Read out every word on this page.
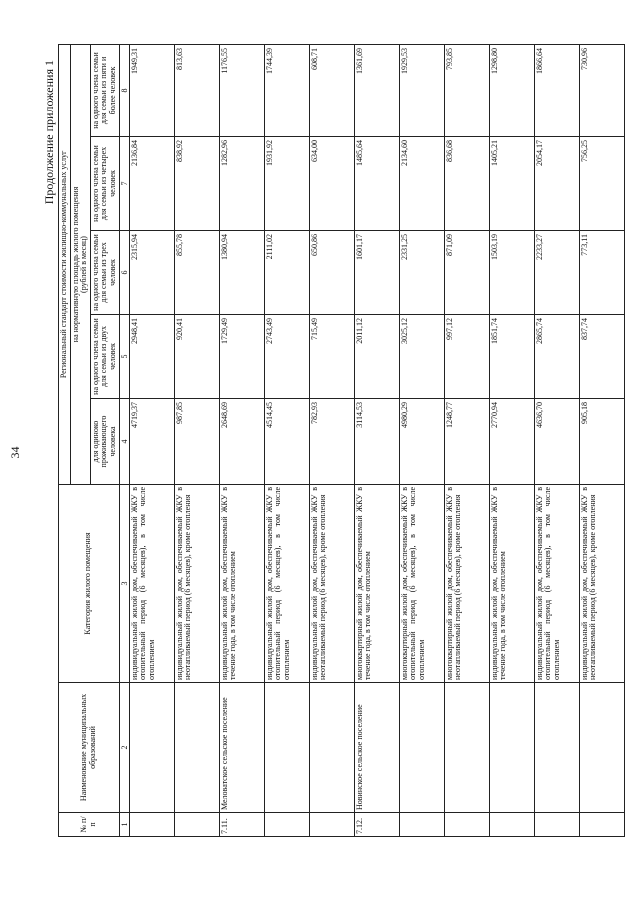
34
Продолжение приложения 1
№ п/п	Наименование муниципальных образований	Категория жилого помещения	Региональный стандарт стоимости жилищно-коммунальных услуг				
			на нормативную площадь жилого помещения
(рублей в месяц)				
			для одиноко проживающего человека	на одного члена семьи для семьи из двух человек	на одного члена семьи для семьи из трех человек	на одного члена семьи для семьи из четырех человек	на одного члена семьи для семьи из пяти и более человек
1	2	3	4	5	6	7	8
		индивидуальный жилой дом, обеспечиваемый ЖКУ в отопительный период (6 месяцев), в том числе отоплением	4719,37	2948,41	2315,94	2136,84	1949,31
		индивидуальный жилой дом, обеспечиваемый ЖКУ в неотапливаемый период (6 месяцев), кроме отопления	987,85	920,41	855,78	838,92	813,63
7.11.	Меловатское сельское поселение	индивидуальный жилой дом, обеспечиваемый ЖКУ в течение года, в том числе отоплением	2648,69	1729,49	1380,94	1282,96	1176,55
		индивидуальный жилой дом, обеспечиваемый ЖКУ в отопительный период (6 месяцев), в том числе отоплением	4514,45	2743,49	2111,02	1931,92	1744,39
		индивидуальный жилой дом, обеспечиваемый ЖКУ в неотапливаемый период (6 месяцев), кроме отопления	782,93	715,49	650,86	634,00	608,71
7.12.	Новинское сельское поселение	многоквартирный жилой дом, обеспечиваемый ЖКУ в течение года, в том числе отоплением	3114,53	2011,12	1601,17	1485,64	1361,69
		многоквартирный жилой дом, обеспечиваемый ЖКУ в отопительный период (6 месяцев), в том числе отоплением	4980,29	3025,12	2331,25	2134,60	1929,53
		многоквартирный жилой дом, обеспечиваемый ЖКУ в неотапливаемый период (6 месяцев), кроме отопления	1248,77	997,12	871,09	836,68	793,85
		индивидуальный жилой дом, обеспечиваемый ЖКУ в течение года, в том числе отоплением	2770,94	1851,74	1503,19	1405,21	1298,80
		индивидуальный жилой дом, обеспечиваемый ЖКУ в отопительный период (6 месяцев), в том числе отоплением	4636,70	2865,74	2233,27	2054,17	1866,64
		индивидуальный жилой дом, обеспечиваемый ЖКУ в неотапливаемый период (6 месяцев), кроме отопления	905,18	837,74	773,11	756,25	730,96
